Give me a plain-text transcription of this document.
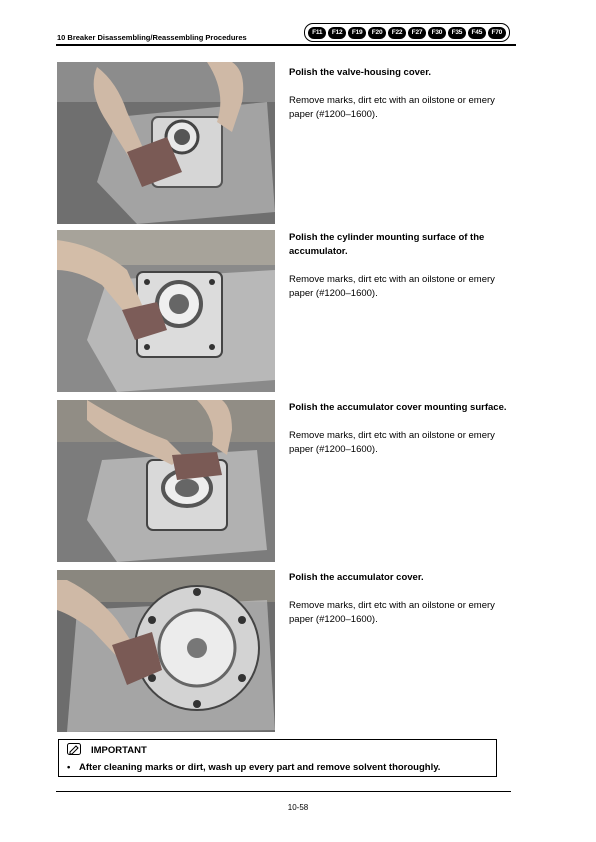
10 Breaker Disassembling/Reassembling Procedures
F11	F12	F19	F20	F22	F27	F30	F35	F45	F70
Polish the valve-housing cover.
Remove marks, dirt etc with an oilstone or emery paper (#1200–1600).
Polish the cylinder mounting surface of the accumulator.
Remove marks, dirt etc with an oilstone or emery paper (#1200–1600).
Polish the accumulator cover mounting surface.
Remove marks, dirt etc with an oilstone or emery paper (#1200–1600).
Polish the accumulator cover.
Remove marks, dirt etc with an oilstone or emery paper (#1200–1600).
IMPORTANT
• After cleaning marks or dirt, wash up every part and remove solvent thoroughly.
10-58
